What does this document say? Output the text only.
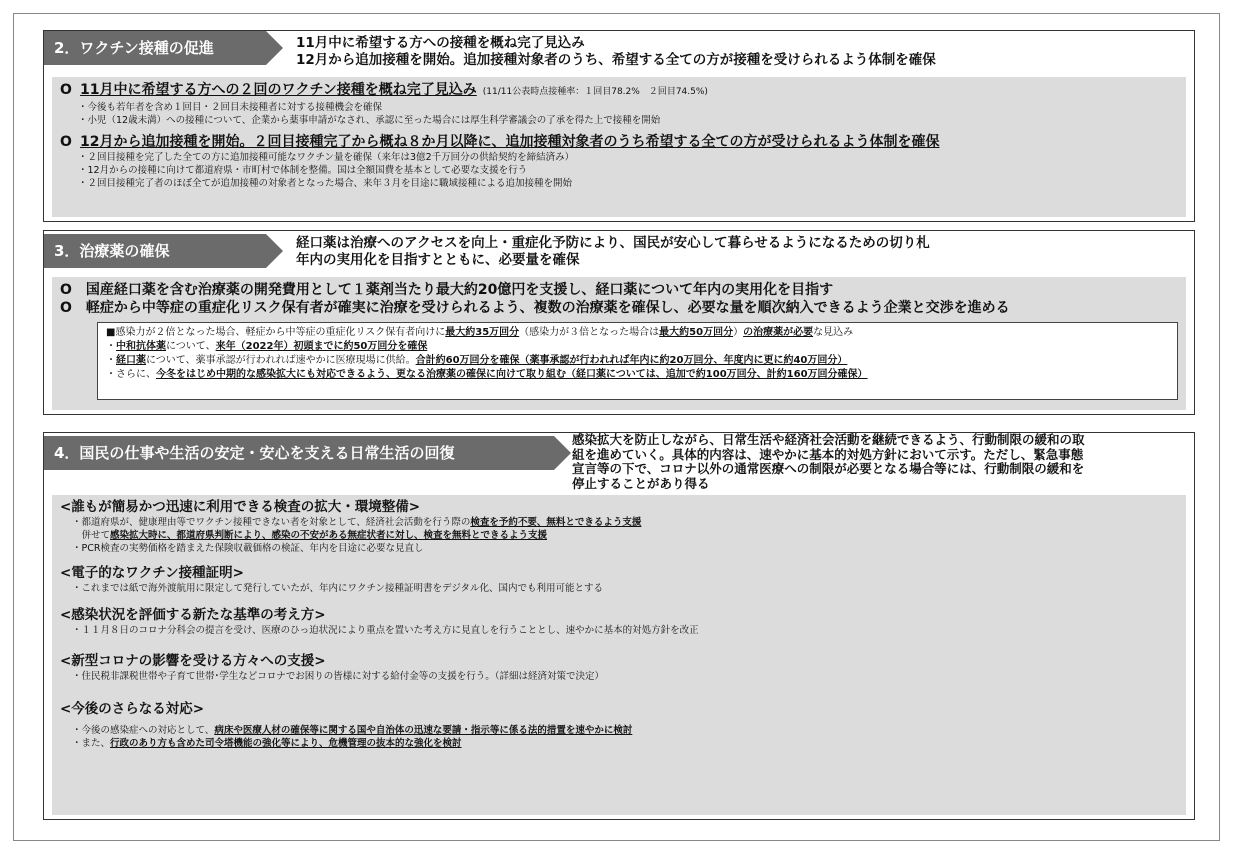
2．ワクチン接種の促進	11月中に希望する方への接種を概ね完了見込み
12月から追加接種を開始。追加接種対象者のうち、希望する全ての方が接種を受けられるよう体制を確保
O 11月中に希望する方への２回のワクチン接種を概ね完了見込み (11/11公表時点接種率：１回目78.2%　２回目74.5%)
・今後も若年者を含め１回目・２回目未接種者に対する接種機会を確保
・小児（12歳未満）への接種について、企業から薬事申請がなされ、承認に至った場合には厚生科学審議会の了承を得た上で接種を開始
O 12月から追加接種を開始。２回目接種完了から概ね８か月以降に、追加接種対象者のうち希望する全ての方が受けられるよう体制を確保
・２回目接種を完了した全ての方に追加接種可能なワクチン量を確保（来年は3億2千万回分の供給契約を締結済み）
・12月からの接種に向けて都道府県・市町村で体制を整備。国は全額国費を基本として必要な支援を行う
・２回目接種完了者のほぼ全てが追加接種の対象者となった場合、来年３月を目途に職域接種による追加接種を開始
3．治療薬の確保	経口薬は治療へのアクセスを向上・重症化予防により、国民が安心して暮らせるようになるための切り札
年内の実用化を目指すとともに、必要量を確保
O　国産経口薬を含む治療薬の開発費用として１薬剤当たり最大約20億円を支援し、経口薬について年内の実用化を目指す
O　軽症から中等症の重症化リスク保有者が確実に治療を受けられるよう、複数の治療薬を確保し、必要な量を順次納入できるよう企業と交渉を進める
■感染力が２倍となった場合、軽症から中等症の重症化リスク保有者向けに最大約35万回分（感染力が３倍となった場合は最大約50万回分）の治療薬が必要な見込み
・中和抗体薬について、来年（2022年）初頭までに約50万回分を確保
・経口薬について、薬事承認が行われれば速やかに医療現場に供給。合計約60万回分を確保（薬事承認が行われれば年内に約20万回分、年度内に更に約40万回分）
・さらに、今冬をはじめ中期的な感染拡大にも対応できるよう、更なる治療薬の確保に向けて取り組む（経口薬については、追加で約100万回分、計約160万回分確保）
4．国民の仕事や生活の安定・安心を支える日常生活の回復
感染拡大を防止しながら、日常生活や経済社会活動を継続できるよう、行動制限の緩和の取
組を進めていく。具体的内容は、速やかに基本的対処方針において示す。ただし、緊急事態
宣言等の下で、コロナ以外の通常医療への制限が必要となる場合等には、行動制限の緩和を
停止することがあり得る
<誰もが簡易かつ迅速に利用できる検査の拡大・環境整備>
・都道府県が、健康理由等でワクチン接種できない者を対象として、経済社会活動を行う際の検査を予約不要、無料とできるよう支援
　併せて感染拡大時に、都道府県判断により、感染の不安がある無症状者に対し、検査を無料とできるよう支援
・PCR検査の実勢価格を踏まえた保険収載価格の検証、年内を目途に必要な見直し
<電子的なワクチン接種証明>
・これまでは紙で海外渡航用に限定して発行していたが、年内にワクチン接種証明書をデジタル化、国内でも利用可能とする
<感染状況を評価する新たな基準の考え方>
・１１月８日のコロナ分科会の提言を受け、医療のひっ迫状況により重点を置いた考え方に見直しを行うこととし、速やかに基本的対処方針を改正
<新型コロナの影響を受ける方々への支援>
・住民税非課税世帯や子育て世帯･学生などコロナでお困りの皆様に対する給付金等の支援を行う。（詳細は経済対策で決定）
<今後のさらなる対応>
・今後の感染症への対応として、病床や医療人材の確保等に関する国や自治体の迅速な要請・指示等に係る法的措置を速やかに検討
・また、行政のあり方も含めた司令塔機能の強化等により、危機管理の抜本的な強化を検討
